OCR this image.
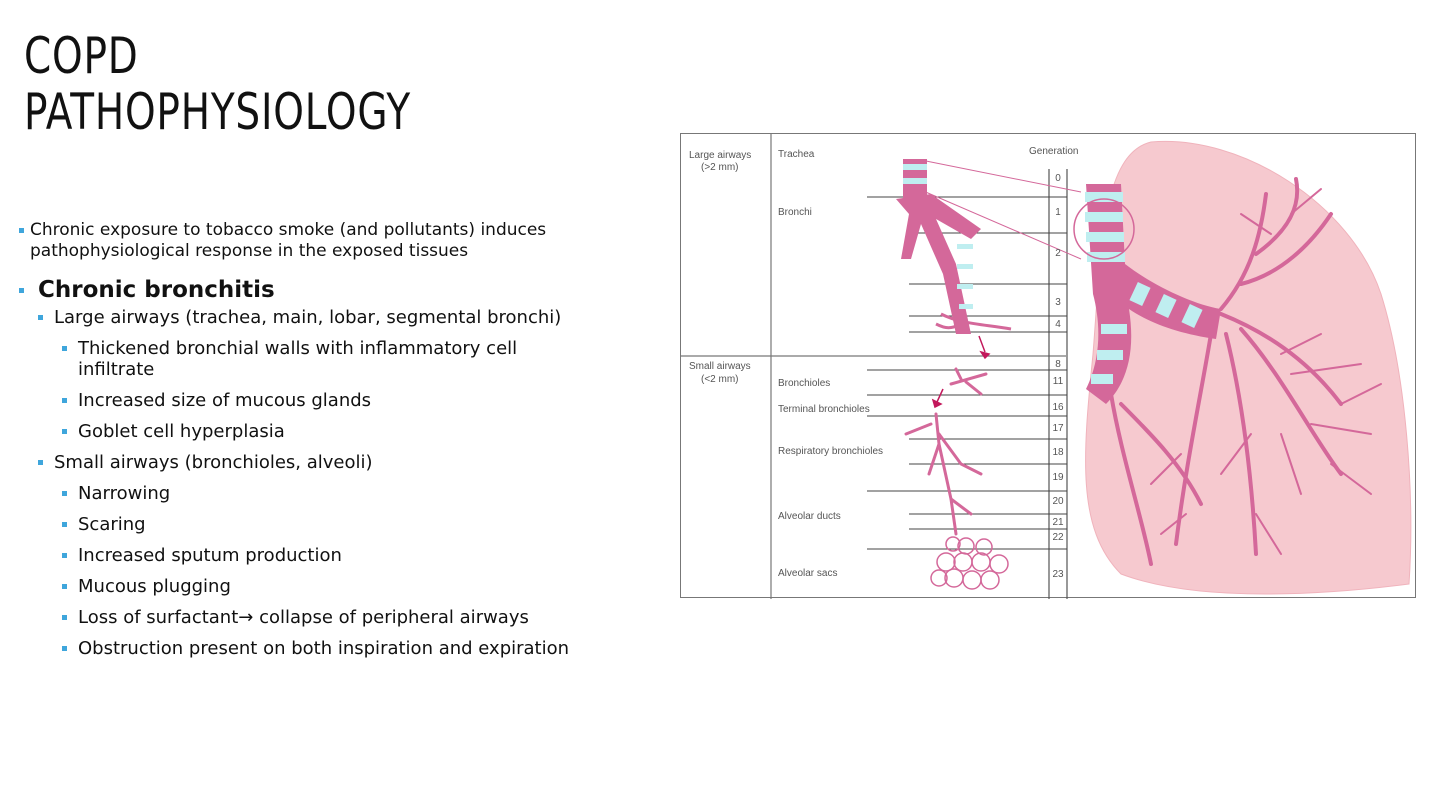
COPD
PATHOPHYSIOLOGY
Chronic exposure to tobacco smoke (and pollutants) induces pathophysiological response in the exposed tissues
Chronic bronchitis
Large airways (trachea, main, lobar, segmental bronchi)
Thickened bronchial walls with inflammatory cell infiltrate
Increased size of mucous glands
Goblet cell hyperplasia
Small airways (bronchioles, alveoli)
Narrowing
Scaring
Increased sputum production
Mucous plugging
Loss of surfactant→ collapse of peripheral airways
Obstruction present on both inspiration and expiration
Large airways
(>2 mm)
Small airways
(<2 mm)
Generation
Trachea
Bronchi
Bronchioles
Terminal bronchioles
Respiratory bronchioles
Alveolar ducts
Alveolar sacs
0
1
2
3
4
8
11
16
17
18
19
20
21
22
23
